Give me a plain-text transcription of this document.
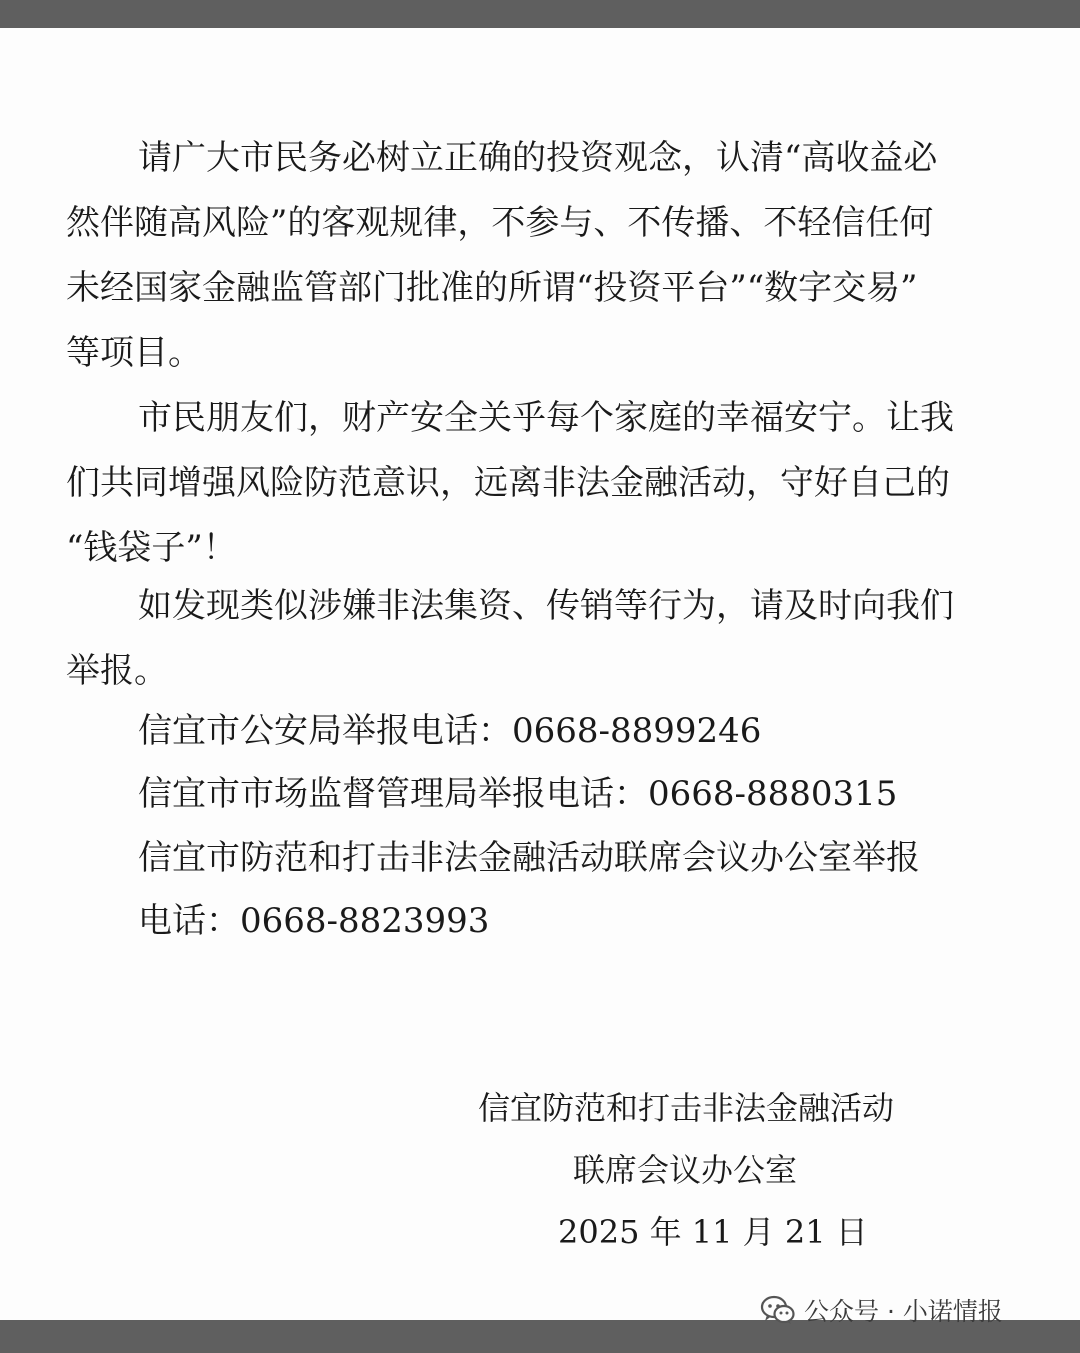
请广大市民务必树立正确的投资观念，认清“高收益必
然伴随高风险”的客观规律，不参与、不传播、不轻信任何
未经国家金融监管部门批准的所谓“投资平台”“数字交易”
等项目。
市民朋友们，财产安全关乎每个家庭的幸福安宁。让我
们共同增强风险防范意识，远离非法金融活动，守好自己的
“钱袋子”！
如发现类似涉嫌非法集资、传销等行为，请及时向我们
举报。
信宜市公安局举报电话：0668-8899246
信宜市市场监督管理局举报电话：0668-8880315
信宜市防范和打击非法金融活动联席会议办公室举报
电话：0668-8823993
信宜防范和打击非法金融活动
联席会议办公室
2025 年 11 月 21 日
公众号 · 小诺情报
